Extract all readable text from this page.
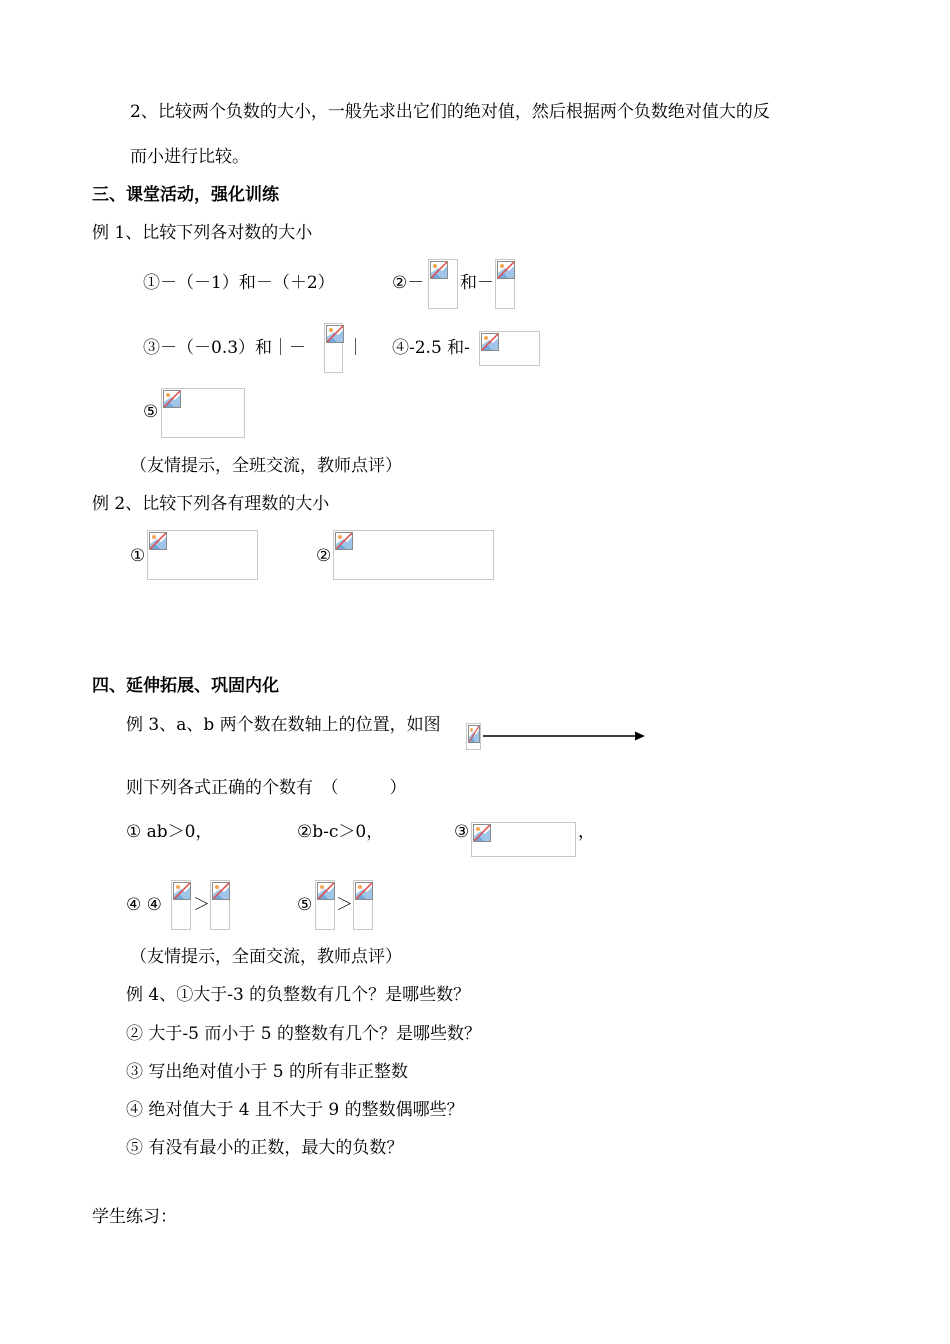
2、比较两个负数的大小，一般先求出它们的绝对值，然后根据两个负数绝对值大的反
而小进行比较。
三、课堂活动，强化训练
例 1、比较下列各对数的大小
①－（－1）和－（＋2）	②－ 和－
③－（－0.3）和｜－ ｜ ④-2.5 和-
⑤
（友情提示，全班交流，教师点评）
例 2、比较下列各有理数的大小
①	②
四、延伸拓展、巩固内化
例 3、a、b 两个数在数轴上的位置，如图
则下列各式正确的个数有　（　　　）
① ab＞0，	②b-c＞0，	③	，
④ ④ ＞	⑤ ＞
（友情提示，全面交流，教师点评）
例 4、①大于-3 的负整数有几个？是哪些数？
② 大于-5 而小于 5 的整数有几个？是哪些数？
③ 写出绝对值小于 5 的所有非正整数
④ 绝对值大于 4 且不大于 9 的整数偶哪些？
⑤ 有没有最小的正数，最大的负数？
学生练习：
